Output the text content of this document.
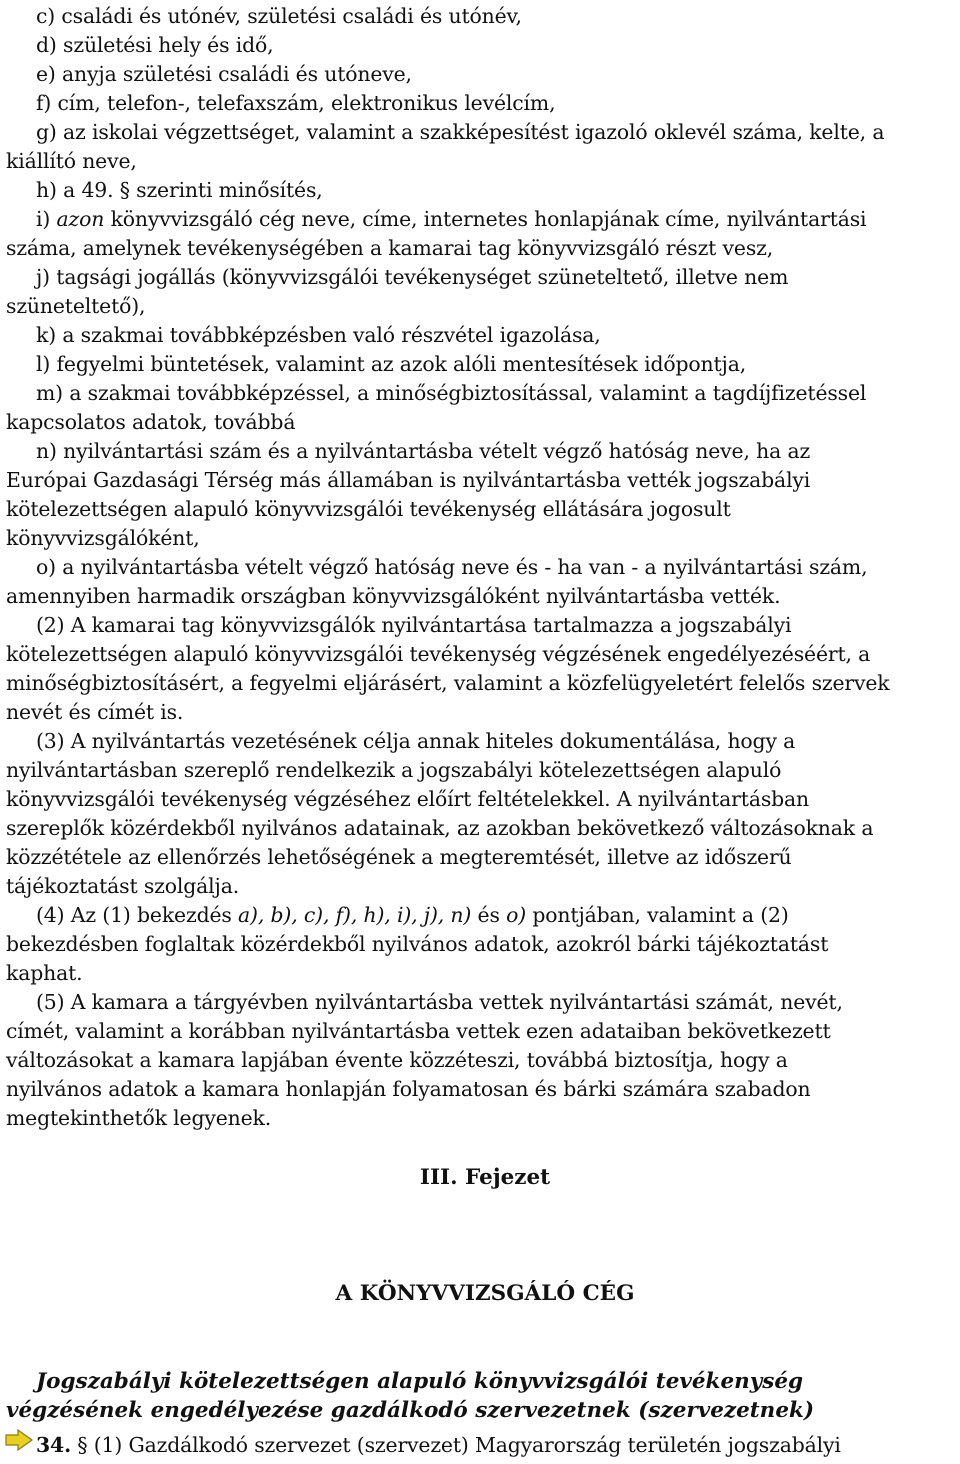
c) családi és utónév, születési családi és utónév,
d) születési hely és idő,
e) anyja születési családi és utóneve,
f) cím, telefon-, telefaxszám, elektronikus levélcím,
g) az iskolai végzettséget, valamint a szakképesítést igazoló oklevél száma, kelte, a
kiállító neve,
h) a 49. § szerinti minősítés,
i) azon könyvvizsgáló cég neve, címe, internetes honlapjának címe, nyilvántartási
száma, amelynek tevékenységében a kamarai tag könyvvizsgáló részt vesz,
j) tagsági jogállás (könyvvizsgálói tevékenységet szüneteltető, illetve nem
szüneteltető),
k) a szakmai továbbképzésben való részvétel igazolása,
l) fegyelmi büntetések, valamint az azok alóli mentesítések időpontja,
m) a szakmai továbbképzéssel, a minőségbiztosítással, valamint a tagdíjfizetéssel
kapcsolatos adatok, továbbá
n) nyilvántartási szám és a nyilvántartásba vételt végző hatóság neve, ha az
Európai Gazdasági Térség más államában is nyilvántartásba vették jogszabályi
kötelezettségen alapuló könyvvizsgálói tevékenység ellátására jogosult
könyvvizsgálóként,
o) a nyilvántartásba vételt végző hatóság neve és - ha van - a nyilvántartási szám,
amennyiben harmadik országban könyvvizsgálóként nyilvántartásba vették.
(2) A kamarai tag könyvvizsgálók nyilvántartása tartalmazza a jogszabályi
kötelezettségen alapuló könyvvizsgálói tevékenység végzésének engedélyezéséért, a
minőségbiztosításért, a fegyelmi eljárásért, valamint a közfelügyeletért felelős szervek
nevét és címét is.
(3) A nyilvántartás vezetésének célja annak hiteles dokumentálása, hogy a
nyilvántartásban szereplő rendelkezik a jogszabályi kötelezettségen alapuló
könyvvizsgálói tevékenység végzéséhez előírt feltételekkel. A nyilvántartásban
szereplők közérdekből nyilvános adatainak, az azokban bekövetkező változásoknak a
közzététele az ellenőrzés lehetőségének a megteremtését, illetve az időszerű
tájékoztatást szolgálja.
(4) Az (1) bekezdés a), b), c), f), h), i), j), n) és o) pontjában, valamint a (2)
bekezdésben foglaltak közérdekből nyilvános adatok, azokról bárki tájékoztatást
kaphat.
(5) A kamara a tárgyévben nyilvántartásba vettek nyilvántartási számát, nevét,
címét, valamint a korábban nyilvántartásba vettek ezen adataiban bekövetkezett
változásokat a kamara lapjában évente közzéteszi, továbbá biztosítja, hogy a
nyilvános adatok a kamara honlapján folyamatosan és bárki számára szabadon
megtekinthetők legyenek.
III. Fejezet
A KÖNYVVIZSGÁLÓ CÉG
Jogszabályi kötelezettségen alapuló könyvvizsgálói tevékenység
végzésének engedélyezése gazdálkodó szervezetnek (szervezetnek)
34. § (1) Gazdálkodó szervezet (szervezet) Magyarország területén jogszabályi
